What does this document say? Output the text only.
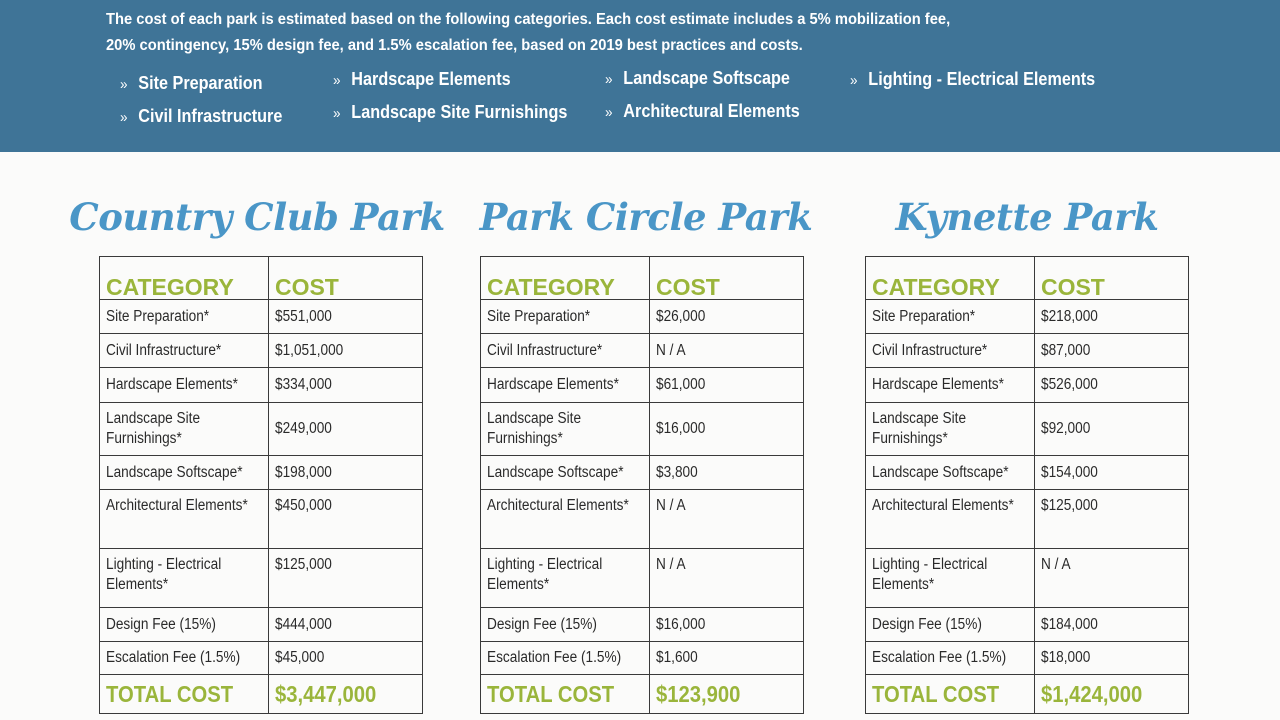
The cost of each park is estimated based on the following categories. Each cost estimate includes a 5% mobilization fee,
20% contingency, 15% design fee, and 1.5% escalation fee, based on 2019 best practices and costs.
» Site Preparation
» Civil Infrastructure
» Hardscape Elements
» Landscape Site Furnishings
» Landscape Softscape
» Architectural Elements
» Lighting - Electrical Elements
Country Club Park
CATEGORY	COST
Site Preparation*	$551,000
Civil Infrastructure*	$1,051,000
Hardscape Elements*	$334,000
Landscape Site
Furnishings*	$249,000
Landscape Softscape*	$198,000
Architectural Elements*	$450,000
Lighting - Electrical
Elements*	$125,000
Design Fee (15%)	$444,000
Escalation Fee (1.5%)	$45,000
TOTAL COST	$3,447,000
Park Circle Park
CATEGORY	COST
Site Preparation*	$26,000
Civil Infrastructure*	N / A
Hardscape Elements*	$61,000
Landscape Site
Furnishings*	$16,000
Landscape Softscape*	$3,800
Architectural Elements*	N / A
Lighting - Electrical
Elements*	N / A
Design Fee (15%)	$16,000
Escalation Fee (1.5%)	$1,600
TOTAL COST	$123,900
Kynette Park
CATEGORY	COST
Site Preparation*	$218,000
Civil Infrastructure*	$87,000
Hardscape Elements*	$526,000
Landscape Site
Furnishings*	$92,000
Landscape Softscape*	$154,000
Architectural Elements*	$125,000
Lighting - Electrical
Elements*	N / A
Design Fee (15%)	$184,000
Escalation Fee (1.5%)	$18,000
TOTAL COST	$1,424,000
